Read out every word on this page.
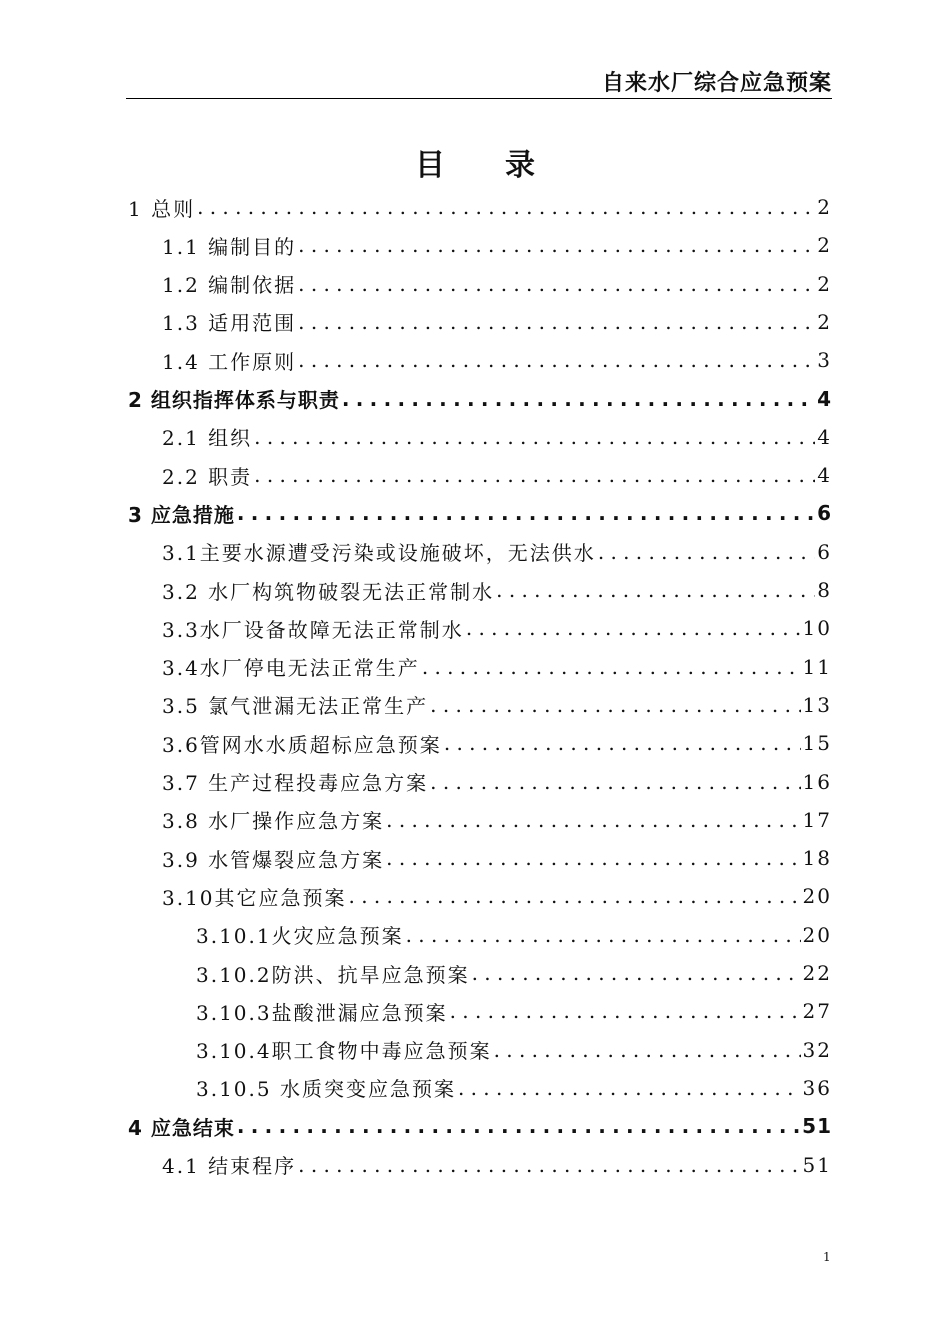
自来水厂综合应急预案
目录
1 总则 .....	2
1.1 编制目的 .....	2
1.2 编制依据 .....	2
1.3 适用范围 .....	2
1.4 工作原则 .....	3
2 组织指挥体系与职责 .....	4
2.1 组织 .....	4
2.2 职责 .....	4
3 应急措施 .....	6
3.1主要水源遭受污染或设施破坏，无法供水 .....	6
3.2 水厂构筑物破裂无法正常制水 .....	8
3.3水厂设备故障无法正常制水 .....	10
3.4水厂停电无法正常生产 .....	11
3.5 氯气泄漏无法正常生产 .....	13
3.6管网水水质超标应急预案 .....	15
3.7 生产过程投毒应急方案 .....	16
3.8 水厂操作应急方案 .....	17
3.9 水管爆裂应急方案 .....	18
3.10其它应急预案 .....	20
3.10.1火灾应急预案 .....	20
3.10.2防洪、抗旱应急预案 .....	22
3.10.3盐酸泄漏应急预案 .....	27
3.10.4职工食物中毒应急预案 .....	32
3.10.5 水质突变应急预案 .....	36
4 应急结束 .....	51
4.1 结束程序 .....	51
1
